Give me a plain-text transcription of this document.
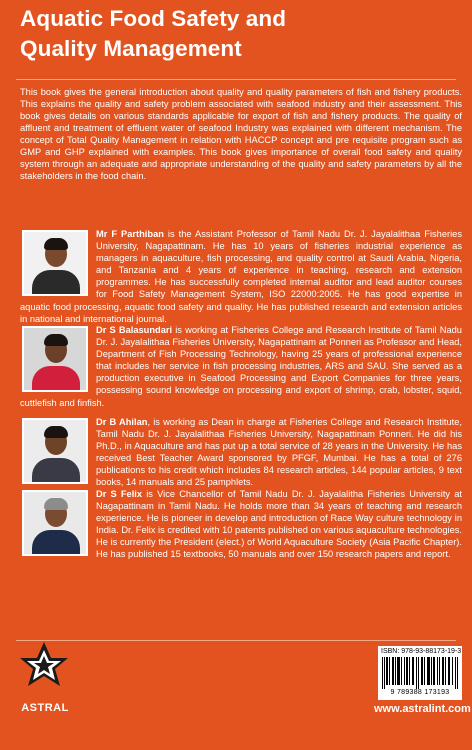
Aquatic Food Safety and
Quality Management
This book gives the general introduction about quality and quality parameters of fish and fishery products. This explains the quality and safety problem associated with seafood industry and their assessment. This book gives details on various standards applicable for export of fish and fishery products. The quality of affluent and treatment of effluent water of seafood Industry was explained with different mechanism. The concept of Total Quality Management in relation with HACCP concept and pre requisite program such as GMP and GHP explained with examples. This book gives importance of overall food safety and quality system through an adequate and appropriate understanding of the quality and safety parameters by all the stakeholders in the food chain.
Mr F Parthiban is the Assistant Professor of Tamil Nadu Dr. J. Jayalalithaa Fisheries University, Nagapattinam. He has 10 years of fisheries industrial experience as managers in aquaculture, fish processing, and quality control at Saudi Arabia, Nigeria, and Tanzania and 4 years of experience in teaching, research and extension programmes. He has successfully completed internal auditor and lead auditor courses for Food Safety Management System, ISO 22000:2005. He has good expertise in aquatic food processing, aquatic food safety and quality. He has published research and extension articles in national and international journal.
Dr S Balasundari is working at Fisheries College and Research Institute of Tamil Nadu Dr. J. Jayalalithaa Fisheries University, Nagapattinam at Ponneri as Professor and Head, Department of Fish Processing Technology, having 25 years of professional experience that includes her service in fish processing industries, ARS and SAU. She served as a production executive in Seafood Processing and Export Companies for three years, possessing sound knowledge on processing and export of shrimp, crab, lobster, squid, cuttlefish and finfish.
Dr B Ahilan, is working as Dean in charge at Fisheries College and Research Institute, Tamil Nadu Dr. J. Jayalalithaa Fisheries University, Nagapattinam Ponneri. He did his Ph.D., in Aquaculture and has put up a total service of 28 years in the University. He has received Best Teacher Award sponsored by PFGF, Mumbai. He has a total of 276 publications to his credit which includes 84 research articles, 144 popular articles, 9 text books, 14 manuals and 25 pamphlets.
Dr S Felix is Vice Chancellor of Tamil Nadu Dr. J. Jayalalitha Fisheries University at Nagapattinam in Tamil Nadu. He holds more than 34 years of teaching and research experience. He is pioneer in develop and introduction of Race Way culture technology in India. Dr. Felix is credited with 10 patents published on various aquaculture technologies. He is currently the President (elect.) of World Aquaculture Society (Asia Pacific Chapter). He has published 15 textbooks, 50 manuals and over 150 research papers and report.
ASTRAL
ISBN: 978-93-88173-19-3
9 789388 173193
www.astralint.com
